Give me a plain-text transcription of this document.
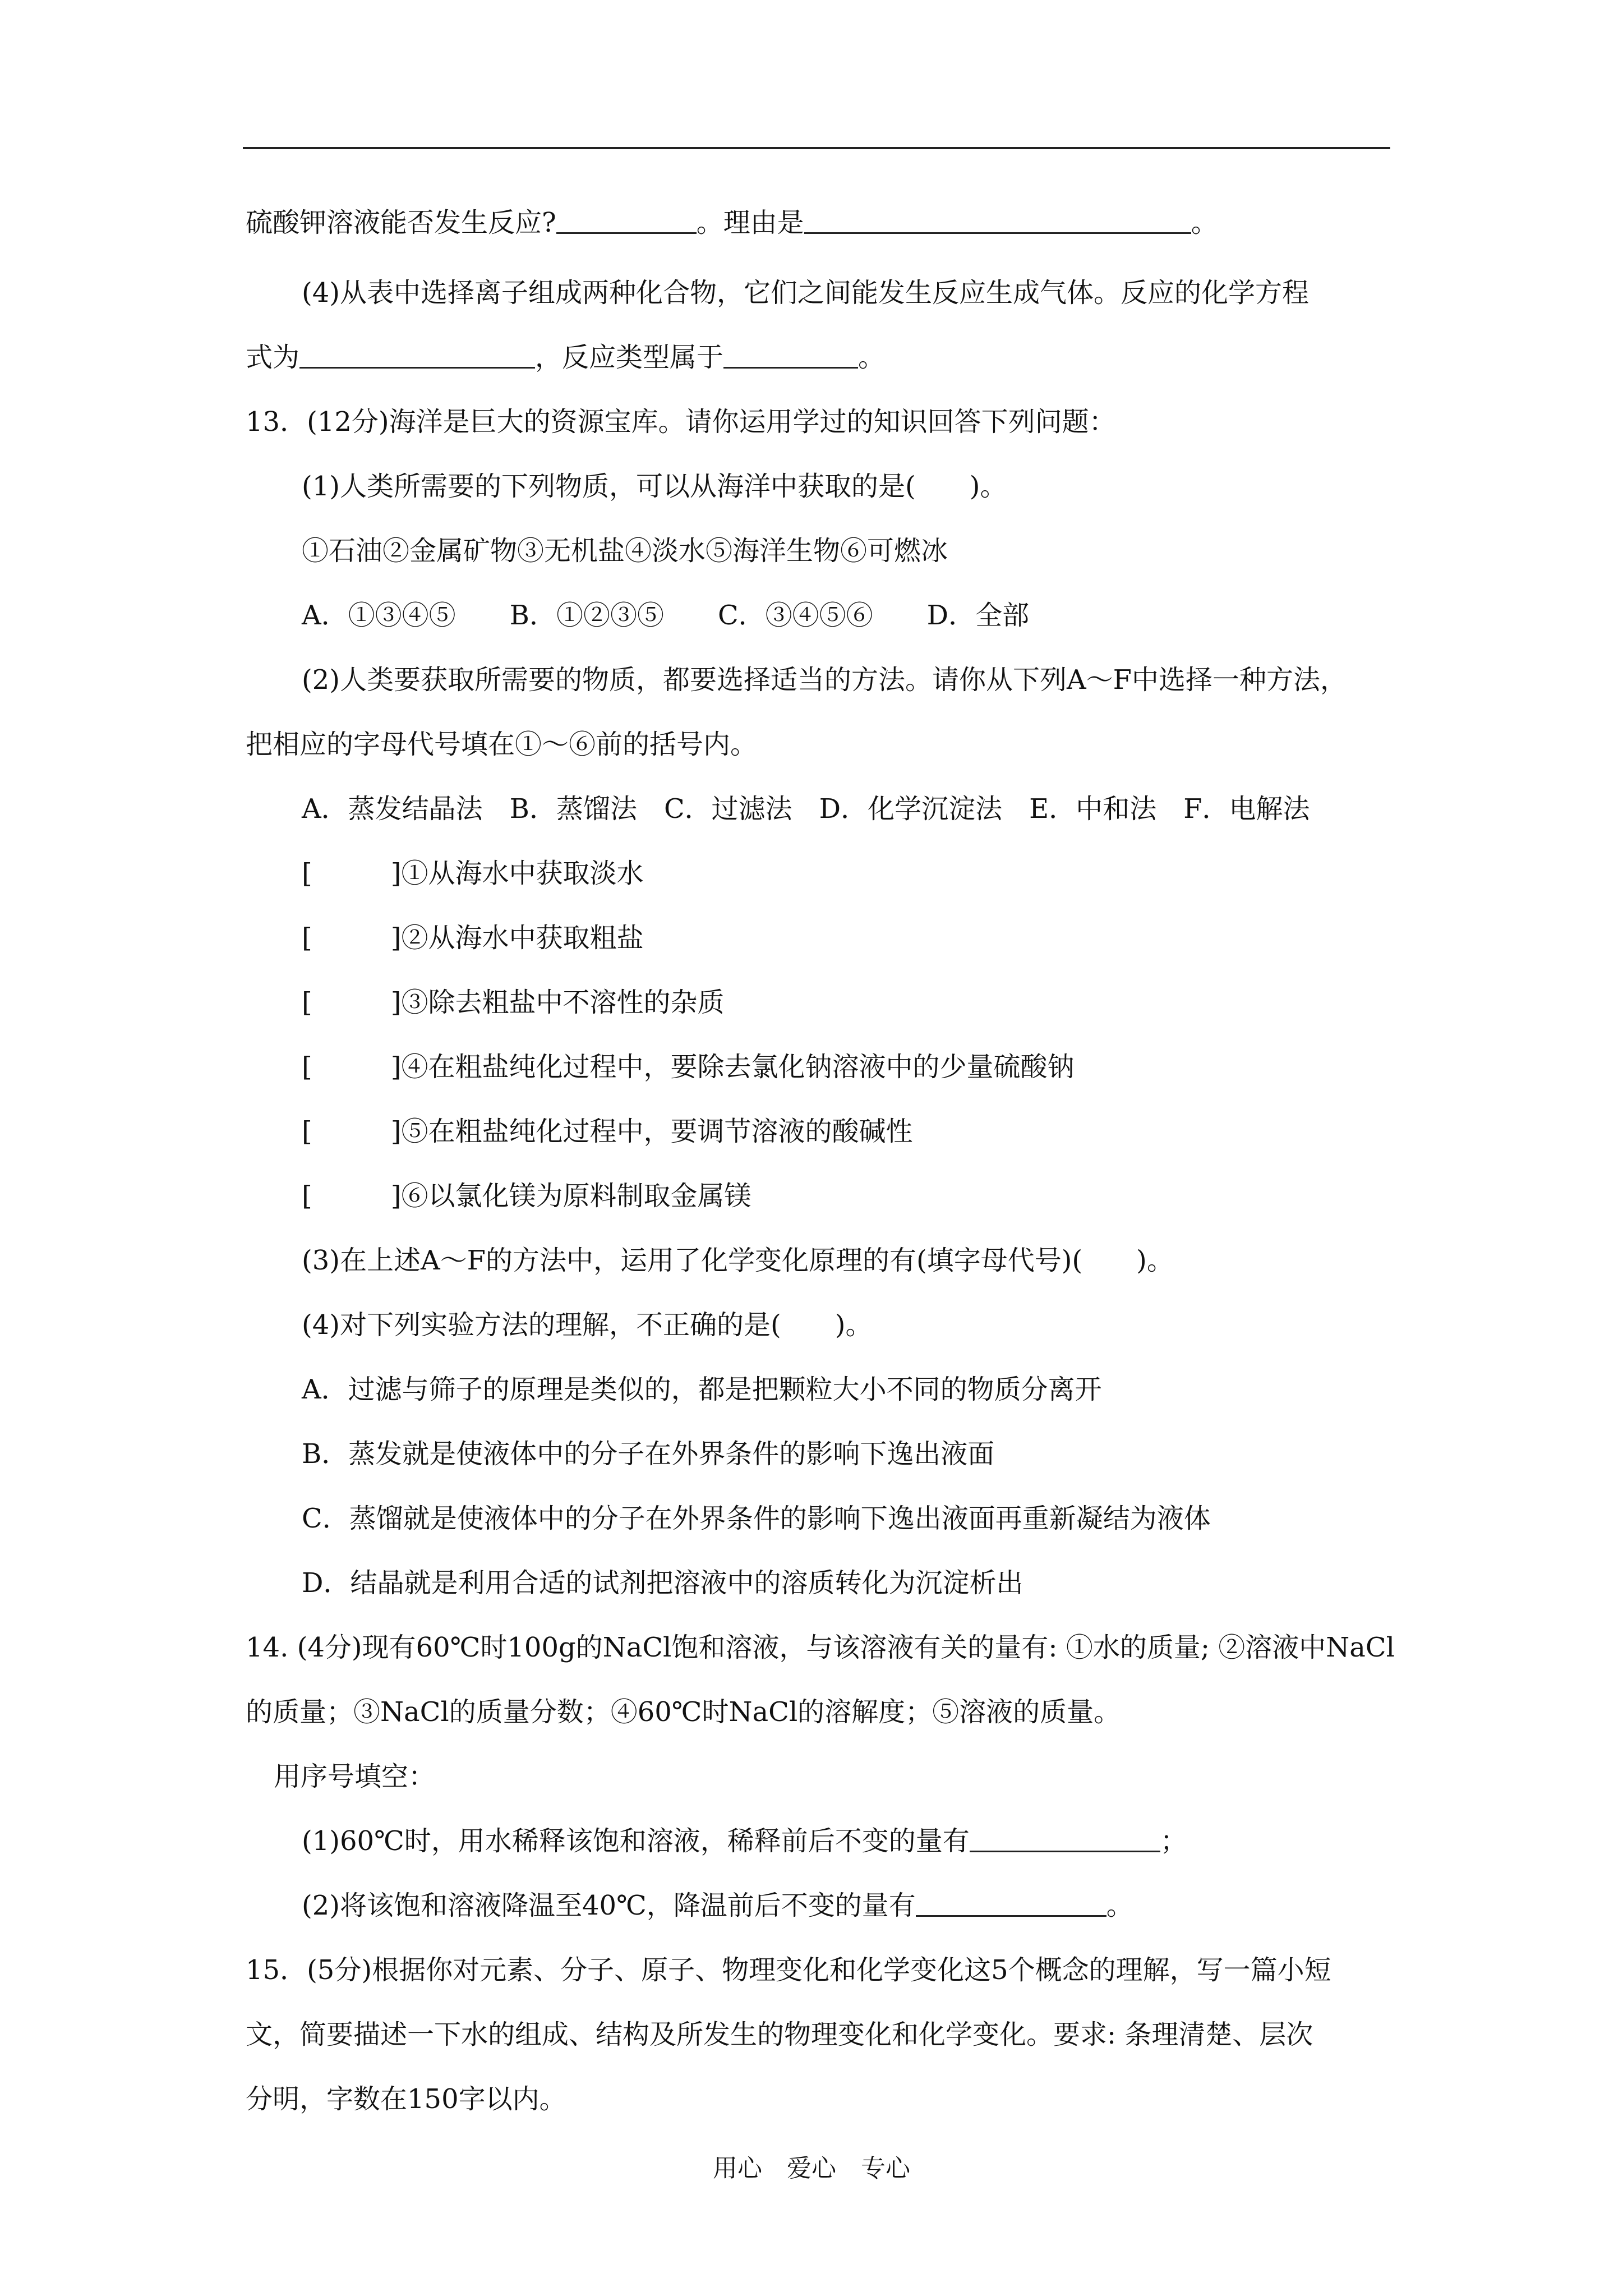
硫酸钾溶液能否发生反应?	。理由是	。
(4)从表中选择离子组成两种化合物，它们之间能发生反应生成气体。反应的化学方程
式为	，反应类型属于	。
13．(12分)海洋是巨大的资源宝库。请你运用学过的知识回答下列问题：
(1)人类所需要的下列物质，可以从海洋中获取的是(　　)。
①石油②金属矿物③无机盐④淡水⑤海洋生物⑥可燃冰
A．①③④⑤　　B．①②③⑤　　C．③④⑤⑥　　D．全部
(2)人类要获取所需要的物质，都要选择适当的方法。请你从下列A～F中选择一种方法，
把相应的字母代号填在①～⑥前的括号内。
A．蒸发结晶法　B．蒸馏法　C．过滤法　D．化学沉淀法　E．中和法　F．电解法
[	]①从海水中获取淡水
[	]②从海水中获取粗盐
[	]③除去粗盐中不溶性的杂质
[	]④在粗盐纯化过程中，要除去氯化钠溶液中的少量硫酸钠
[	]⑤在粗盐纯化过程中，要调节溶液的酸碱性
[	]⑥以氯化镁为原料制取金属镁
(3)在上述A～F的方法中，运用了化学变化原理的有(填字母代号)(　　)。
(4)对下列实验方法的理解，不正确的是(　　)。
A．过滤与筛子的原理是类似的，都是把颗粒大小不同的物质分离开
B．蒸发就是使液体中的分子在外界条件的影响下逸出液面
C．蒸馏就是使液体中的分子在外界条件的影响下逸出液面再重新凝结为液体
D．结晶就是利用合适的试剂把溶液中的溶质转化为沉淀析出
14. (4分)现有60℃时100g的NaCl饱和溶液，与该溶液有关的量有: ①水的质量; ②溶液中NaCl
的质量；③NaCl的质量分数；④60℃时NaCl的溶解度；⑤溶液的质量。
用序号填空：
(1)60℃时，用水稀释该饱和溶液，稀释前后不变的量有	；
(2)将该饱和溶液降温至40℃，降温前后不变的量有	。
15．(5分)根据你对元素、分子、原子、物理变化和化学变化这5个概念的理解，写一篇小短
文，简要描述一下水的组成、结构及所发生的物理变化和化学变化。要求: 条理清楚、层次
分明，字数在150字以内。
用心　爱心　专心
